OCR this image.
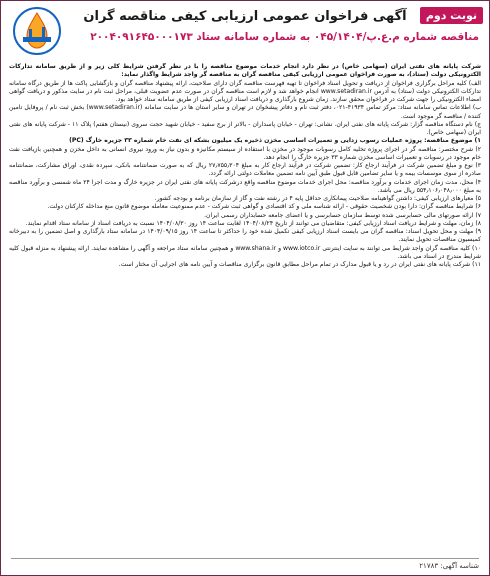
نوبت دوم
آگهی فراخوان عمومی ارزیابی کیفی مناقصه گران
مناقصه شماره م.ع.پ/۰۴۵/۱۴۰۴ به شماره سامانه ستاد ۲۰۰۴۰۹۱۶۴۵۰۰۰۱۷۳

شرکت پایانه های نفتی ایران (سهامی خاص) در نظر دارد انجام خدمات موضوع مناقصه را با در نظر گرفتن شرایط کلی زیر و از طریق سامانه تدارکات الکترونیکی دولت (ستاد)، به صورت فراخوان عمومی ارزیابی کیفی مناقصه گران به مناقصه گر واجد شرایط واگذار نماید:

الف) کلیه مراحل برگزاری فراخوان از دریافت و تحویل اسناد فراخوان تا تهیه فهرست مناقصه گران دارای صلاحیت، ارائه پیشنهاد مناقصه گران و بازگشایی پاکت ها از طریق درگاه سامانه تدارکات الکترونیکی دولت (ستاد) به آدرس www.setadiran.ir انجام خواهد شد و لازم است مناقصه گران در صورت عدم عضویت قبلی، مراحل ثبت نام در سایت مذکور و دریافت گواهی امضاء الکترونیکی را جهت شرکت در فراخوان محقق سازند. زمان شروع بارگذاری و دریافت اسناد ارزیابی کیفی از طریق سامانه ستاد خواهد بود.

ب) اطلاعات تماس سامانه ستاد: مرکز تماس ۴۱۹۳۴-۰۲۱، دفتر ثبت نام و دفاتر پیشخوان در تهران و سایر استان ها در سایت سامانه (www.setadiran.ir) بخش ثبت نام / پروفایل تامین کننده / مناقصه گر موجود است.

ج) نام دستگاه مناقصه گزار: شرکت پایانه های نفتی ایران. نشانی: تهران - خیابان پاسداران - بالاتر از برج سفید - خیابان شهید حجت سروی (نیستان هفتم) پلاک ۱۱ - شرکت پایانه های نفتی ایران (سهامی خاص).

۱) موضوع مناقصه: پروژه عملیات رسوب زدایی و تعمیرات اساسی مخزن ذخیره یک میلیون بشکه ای نفت خام شماره ۳۳ جزیره خارگ (PC)

۲) شرح مختصر: مناقصه گر در اجرای پروژه تخلیه کامل رسوبات موجود در مخزن با استفاده از سیستم مکانیزه و بدون نیاز به ورود نیروی انسانی به داخل مخزن و همچنین بازیافت نفت خام موجود در رسوبات و تعمیرات اساسی مخزن شماره ۳۳ جزیره خارگ را انجام دهد.

۳) نوع و مبلغ تضمین شرکت در فرآیند ارجاع کار: تضمین شرکت در فرآیند ارجاع کار به مبلغ ۲۷٫۷۵۵٫۳۰۴ ریال که به صورت ضمانتنامه بانکی، سپرده نقدی، اوراق مشارکت، ضمانتنامه صادره از سوی موسسات بیمه و یا سایر تضامین قابل قبول طبق آیین نامه تضمین معاملات دولتی ارائه گردد.

۴) محل، مدت زمان اجرای خدمات و برآورد مناقصه: محل اجرای خدمات موضوع مناقصه واقع درشرکت پایانه های نفتی ایران در جزیره خارگ و مدت اجرا ۲۴ ماه شمسی و برآورد مناقصه به مبلغ ۵۵۴٫۱۰۶٫۰۴۸٫۰۰۰ ریال می باشد.

۵) معیارهای ارزیابی کیفی: داشتن گواهینامه صلاحیت پیمانکاری حداقل پایه ۴ در رشته نفت و گاز از سازمان برنامه و بودجه کشور.

۶) شرایط مناقصه گران: دارا بودن شخصیت حقوقی - ارائه شناسه ملی و کد اقتصادی و گواهی ثبت شرکت - عدم ممنوعیت معامله موضوع قانون منع مداخله کارکنان دولت.

۷) ارائه صورتهای مالی حسابرسی شده توسط سازمان حسابرسی و یا اعضای جامعه حسابداران رسمی ایران.

۸) زمان، مهلت و شرایط دریافت اسناد ارزیابی کیفی: متقاضیان می توانند از تاریخ ۱۴۰۴/۰۸/۲۴ لغایت ساعت ۱۴ روز ۱۴۰۴/۰۸/۳۰ نسبت به دریافت اسناد از سامانه ستاد اقدام نمایند.

۹) مهلت و محل تحویل اسناد: مناقصه گران می بایست اسناد ارزیابی کیفی تکمیل شده خود را حداکثر تا ساعت ۱۴ روز ۱۴۰۴/۰۹/۱۵ در سامانه ستاد بارگذاری و اصل تضمین را به دبیرخانه کمیسیون مناقصات تحویل نمایند.

۱۰) کلیه مناقصه گران واجد شرایط می توانند به سایت اینترنتی www.iotco.ir و www.shana.ir و همچنین سامانه ستاد مراجعه و آگهی را مشاهده نمایند. ارائه پیشنهاد به منزله قبول کلیه شرایط مندرج در اسناد می باشد.

۱۱) شرکت پایانه های نفتی ایران در رد و یا قبول مدارک در تمام مراحل مطابق قانون برگزاری مناقصات و آیین نامه های اجرایی آن مختار است.

شناسه آگهی: ۲۱۷۸۳
